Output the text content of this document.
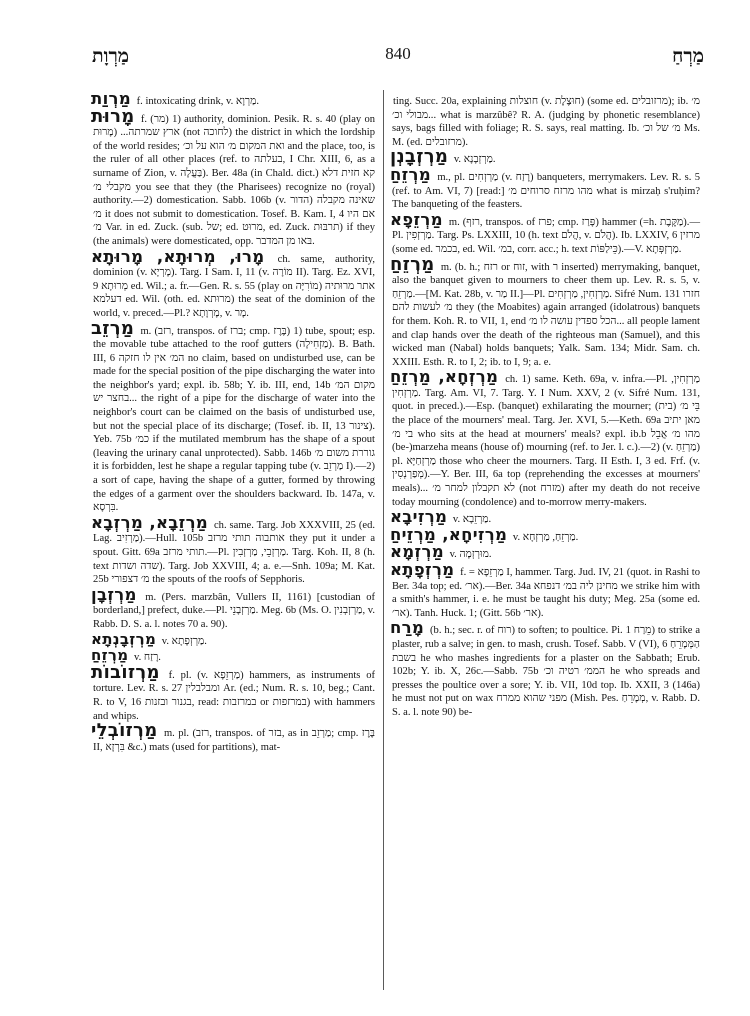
מַרְוָת	840	מַרְחַ

מַרְוַת f. intoxicating drink, v. מַרְוָא.

מָרוּת f. (מר) 1) authority, dominion. Pesik. R. s. 40 (play on מָרוּת) ...ארץ שמרתה (not לחוכה) the district in which the lordship of the world resides; ואת המקום מ׳ הוא על וכ׳ and the place, too, is the ruler of all other places (ref. to בעלתה, I Chr. XIII, 6, as a surname of Zion, v. בַּעֲלָה). Ber. 48a (in Chald. dict.) קא חזית דלא מקבלי מ׳ you see that they (the Pharisees) recognize no (royal) authority.—2) domestication. Sabb. 106b (v. הדור) שאינה מקבלה מ׳ it does not submit to domestication. Tosef. B. Kam. I, 4 אם היו מ׳ Var. in ed. Zuck. (sub. של; ed. מרוּט, ed. Zuck. תרבּוּת) if they (the animals) were domesticated, opp. בּאו מן המדבר.

מָרוּ, מְרוּתָא, מָרוּתָא ch. same, authority, dominion (v. מָרְיָא). Targ. I Sam. I, 11 (v. מוֹרָה II). Targ. Ez. XVI, 9 מְרוּתָא ed. Wil.; a. fr.—Gen. R. s. 55 (play on מוֹרִיָּה) אתר מרוּתיה דעלמא ed. Wil. (oth. ed. מרוּתא) the seat of the dominion of the world, v. preced.—Pl.? מָרְוָתָא, v. מָר.

מַרְזֵב m. (רזב, transpos. of ברז; cmp. בֶּרֶז) 1) tube, spout; esp. the movable tube attached to the roof gutters (מַזְחִילָה). B. Bath. III, 6 המ׳ אין לו חזקה no claim, based on undisturbed use, can be made for the special position of the pipe discharging the water into the neighbor's yard; expl. ib. 58b; Y. ib. III, end, 14b מקום המ׳ בחצר יש... the right of a pipe for the discharge of water into the neighbor's court can be claimed on the basis of undisturbed use, but not the special place of its discharge; (Tosef. ib. II, 13 צינור). Yeb. 75b כמ׳ if the mutilated membrum has the shape of a spout (leaving the urinary canal unprotected). Sabb. 146b גוררת משום מ׳ it is forbidden, lest he shape a regular tapping tube (v. מַרְזֵב I).—2) a sort of cape, having the shape of a gutter, formed by throwing the edges of a garment over the shoulders backward. Ib. 147a, v. בִּרְסָא.

מַרְזֵבָא, מַרְזְבָא ch. same. Targ. Job XXXVIII, 25 (ed. Lag. מַרְזִיב).—Hull. 105b אותבוה תותי מרזב they put it under a spout. Gitt. 69a תותי מרזב.—Pl. מַרְזְבֵי, מַרְזְבִין. Targ. Koh. II, 8 (h. text שדה ושדות). Targ. Job XXVIII, 4; a. e.—Snh. 109a; M. Kat. 25b מ׳ דצפורי the spouts of the roofs of Sepphoris.

מַרְזְבָן m. (Pers. marzbân, Vullers II, 1161) [custodian of borderland,] prefect, duke.—Pl. מַרְזְבָנֵי. Meg. 6b (Ms. O. מַרְזְבְנִין, v. Rabb. D. S. a. l. notes 70 a. 90).

מַרְזְבָנְתָא v. מַרְזְפָתָא.

מַרְזֵחַ v. רָזַח.

מַרְזוֹבוֹת f. pl. (v. מַרְזֵפָא) hammers, as instruments of torture. Lev. R. s. 27 ומבלבלין Ar. (ed.; Num. R. s. 10, beg.; Cant. R. to V, 16 בגנור ובזנות, read: במרזבות or במרזפות) with hammers and whips.

מַרְזוֹבְלֵי m. pl. (רזב, transpos. of בזר, as in מַרְזֵב; cmp. בֶּרֶז II, בִּרְזָא &c.) mats (used for partitions), mat-

ting. Succ. 20a, explaining חוצלות (v. חוּצֶלֶת) (some ed. מרזובלים); ib. מ׳ מבולי וכ׳... what is marzûbê? R. A. (judging by phonetic resemblance) says, bags filled with foliage; R. S. says, real matting. Ib. מ׳ של וכ׳ Ms. M. (ed. מרזובלים).

מַרְזְבָנְן v. מַרְזְבָנָא.

מַרְזֵחַ m., pl. מַרְזְחִים (v. רָזַח) banqueters, merrymakers. Lev. R. s. 5 (ref. to Am. VI, 7) [read:] מהו מרזח סרוחים מ׳ what is mirzaḥ s'ruḥim? The banqueting of the feasters.

מַרְזֵפָא m. (רזף, transpos. of פרז; cmp. פָּרַז) hammer (=h. מַקֶּבֶת).—Pl. מַרְזְפִין. Targ. Ps. LXXIII, 10 (h. text הֲלֹם, v. הֲלֹם). Ib. LXXIV, 6 מרזין (some ed. בכמר, ed. Wil. במ׳, corr. acc.; h. text כֵּילַפּוֹת).—V. מַרְזְפְּתָא.

מַרְזֵחַ m. (b. h.; רזח or זוח, with ר inserted) merrymaking, banquet, also the banquet given to mourners to cheer them up. Lev. R. s. 5, v. מַרְזֵחַ.—[M. Kat. 28b, v. מַר II.]—Pl. מַרְזְחִין, מַרְזְחִים. Sifré Num. 131 חזרו מ׳ לעשות להם they (the Moabites) again arranged (idolatrous) banquets for them. Koh. R. to VII, 1, end הכל ספדין עושה לו מ׳... all people lament and clap hands over the death of the righteous man (Samuel), and this wicked man (Nabal) holds banquets; Yalk. Sam. 134; Midr. Sam. ch. XXIII. Esth. R. to I, 2; ib. to I, 9; a. e.

מַרְזְחָא, מַרְזֵחַ ch. 1) same. Keth. 69a, v. infra.—Pl. מַרְזְחִין, מַרְזְחִין. Targ. Am. VI, 7. Targ. Y. I Num. XXV, 2 (v. Sifré Num. 131, quot. in preced.).—Esp. (banquet) exhilarating the mourner; בֵּי מ׳ (בית) the place of the mourners' meal. Targ. Jer. XVI, 5.—Keth. 69a מאן יתיב בי מ׳ who sits at the head at mourners' meals? expl. ib.b מהו מ׳ אֲבֵל (be-)marzeha means (house of) mourning (ref. to Jer. l. c.).—2) (v. מַרְזֵחַ) pl. מַרְזְחַיָּא those who cheer the mourners. Targ. II Esth. I, 3 ed. Frf. (v. מְפַרְנְסִין).—Y. Ber. III, 6a top (reprehending the excesses at mourners' meals)... לא תקבלון למחר מ׳ (not מזרח) after my death do not receive today mourning (condolence) and to-morrow merry-makers.

מַרְזִיבָא v. מַרְזֵבָא.

מַרְזִיחָא, מַרְזֵיחַ v. מַרְזֵחַ, מַרְזְחָא.

מַרְזְמָא v. מוּרְזְמָה.

מַרְזְפָתָא f. = מַרְזֵפָא I, hammer. Targ. Jud. IV, 21 (quot. in Rashi to Ber. 34a top; ed. אר׳).—Ber. 34a מחינן ליה במ׳ דנפחא we strike him with a smith's hammer, i. e. he must be taught his duty; Meg. 25a (some ed. אר׳). Tanh. Huck. 1; (Gitt. 56b אר׳).

מָרַח (b. h.; sec. r. of רוח) to soften; to poultice. Pi. מֵרַח 1) to strike a plaster, rub a salve; in gen. to mash, crush. Tosef. Sabb. V (VI), 6 הַמְּמָרֵחַ בשבת he who mashes ingredients for a plaster on the Sabbath; Erub. 102b; Y. ib. X, 26c.—Sabb. 75b הממ׳ רטיה וכ׳ he who spreads and presses the poultice over a sore; Y. ib. VII, 10d top. Ib. XXII, 3 (146a) he must not put on wax מפני שהוא ממרח (Mish. Pes. מְמָרֵחַ, v. Rabb. D. S. a. l. note 90) be-
